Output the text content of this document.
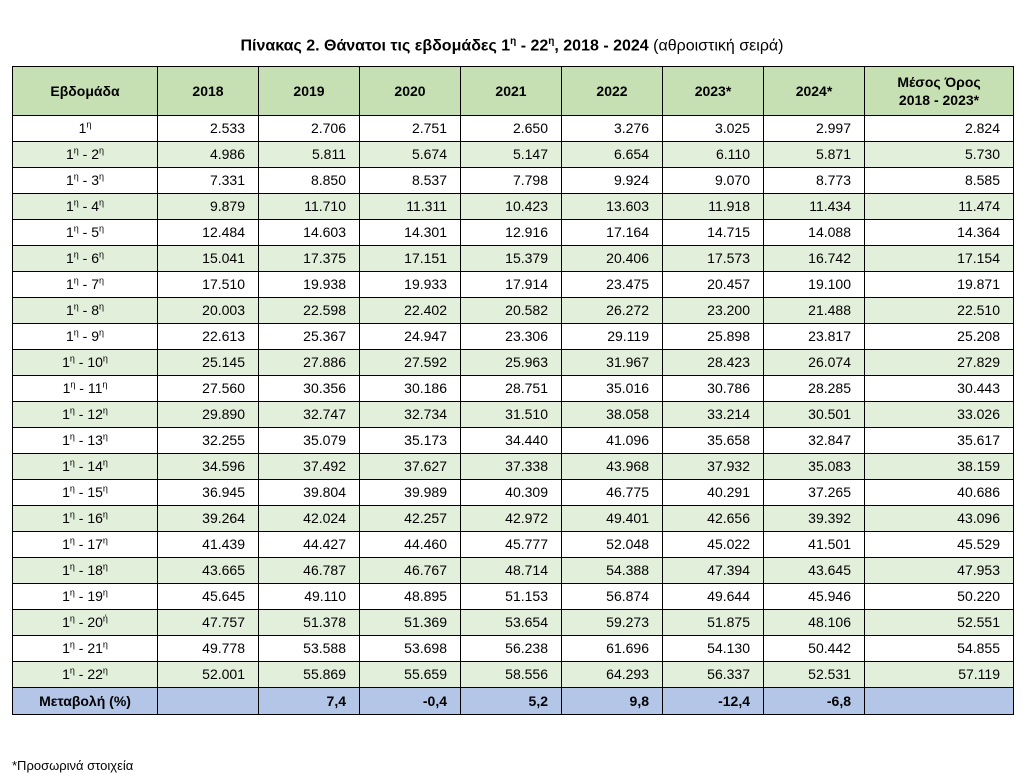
Πίνακας 2. Θάνατοι τις εβδομάδες $1^\eta - 22^\eta$, 2018 - 2024 (αθροιστική σειρά)
Εβδομάδα	2018	2019	2020	2021	2022	2023*	2024*	Μέσος Όρος
2018 - 2023*
$1^\eta$	2.533	2.706	2.751	2.650	3.276	3.025	2.997	2.824
$1^\eta - 2^\eta$	4.986	5.811	5.674	5.147	6.654	6.110	5.871	5.730
$1^\eta - 3^\eta$	7.331	8.850	8.537	7.798	9.924	9.070	8.773	8.585
$1^\eta - 4^\eta$	9.879	11.710	11.311	10.423	13.603	11.918	11.434	11.474
$1^\eta - 5^\eta$	12.484	14.603	14.301	12.916	17.164	14.715	14.088	14.364
$1^\eta - 6^\eta$	15.041	17.375	17.151	15.379	20.406	17.573	16.742	17.154
$1^\eta - 7^\eta$	17.510	19.938	19.933	17.914	23.475	20.457	19.100	19.871
$1^\eta - 8^\eta$	20.003	22.598	22.402	20.582	26.272	23.200	21.488	22.510
$1^\eta - 9^\eta$	22.613	25.367	24.947	23.306	29.119	25.898	23.817	25.208
$1^\eta - 10^\eta$	25.145	27.886	27.592	25.963	31.967	28.423	26.074	27.829
$1^\eta - 11^\eta$	27.560	30.356	30.186	28.751	35.016	30.786	28.285	30.443
$1^\eta - 12^\eta$	29.890	32.747	32.734	31.510	38.058	33.214	30.501	33.026
$1^\eta - 13^\eta$	32.255	35.079	35.173	34.440	41.096	35.658	32.847	35.617
$1^\eta - 14^\eta$	34.596	37.492	37.627	37.338	43.968	37.932	35.083	38.159
$1^\eta - 15^\eta$	36.945	39.804	39.989	40.309	46.775	40.291	37.265	40.686
$1^\eta - 16^\eta$	39.264	42.024	42.257	42.972	49.401	42.656	39.392	43.096
$1^\eta - 17^\eta$	41.439	44.427	44.460	45.777	52.048	45.022	41.501	45.529
$1^\eta - 18^\eta$	43.665	46.787	46.767	48.714	54.388	47.394	43.645	47.953
$1^\eta - 19^\eta$	45.645	49.110	48.895	51.153	56.874	49.644	45.946	50.220
$1^\eta - 20^ή$	47.757	51.378	51.369	53.654	59.273	51.875	48.106	52.551
$1^\eta - 21^\eta$	49.778	53.588	53.698	56.238	61.696	54.130	50.442	54.855
$1^\eta - 22^\eta$	52.001	55.869	55.659	58.556	64.293	56.337	52.531	57.119
Μεταβολή (%)		7,4	-0,4	5,2	9,8	-12,4	-6,8	
*Προσωρινά στοιχεία
